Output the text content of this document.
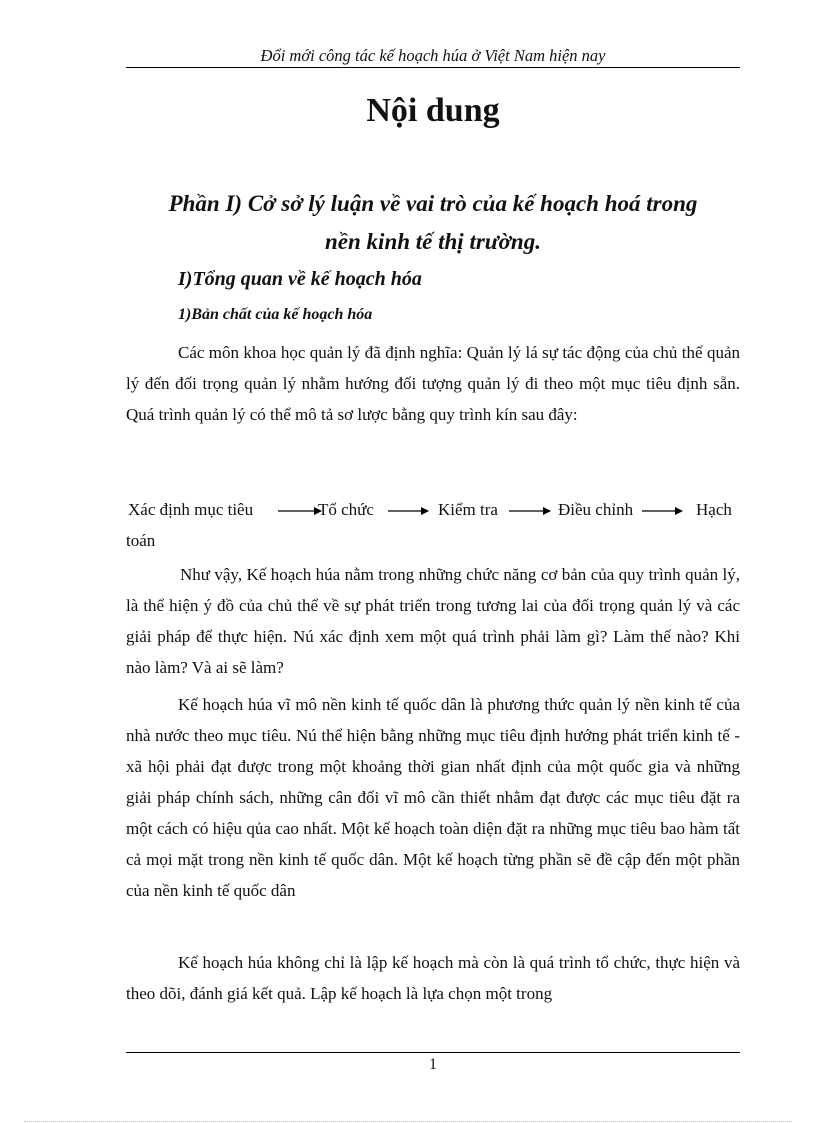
Đổi mới công tác kế hoạch húa ở Việt Nam hiện nay
Nội dung
Phần I) Cở sở lý luận về vai trò của kế hoạch hoá trong
nền kinh tế thị trường.
I)Tổng quan về kế hoạch hóa
1)Bản chất của kế hoạch hóa

Các môn khoa học quản lý đã định nghĩa: Quản lý lá sự tác động của chủ thể quản lý đến đối trọng quản lý nhằm hướng đối tượng quản lý đi theo một mục tiêu định sẵn. Quá trình quản lý có thể mô tả sơ lược bằng quy trình kín sau đây:

Xác định mục tiêu	Tổ chức	Kiểm tra	Điều chỉnh	Hạch
toán

Như vậy, Kế hoạch húa nằm trong những chức năng cơ bản của quy trình quản lý, là thể hiện ý đồ của chủ thể về sự phát triển trong tương lai của đối trọng quản lý và các giải pháp để thực hiện. Nú xác định xem một quá trình phải làm gì? Làm thế nào? Khi nào làm? Và ai sẽ làm?

Kế hoạch húa vĩ mô nền kinh tế quốc dân là phương thức quản lý nền kinh tế của nhà nước theo mục tiêu. Nú thể hiện bằng những mục tiêu định hướng phát triển kinh tế - xã hội phải đạt được trong một khoảng thời gian nhất định của một quốc gia và những giải pháp chính sách, những cân đối vĩ mô cần thiết nhằm đạt được các mục tiêu đặt ra một cách có hiệu qủa cao nhất. Một kế hoạch toàn diện đặt ra những mục tiêu bao hàm tất cả mọi mặt trong nền kinh tế quốc dân. Một kế hoạch từng phần sẽ đề cập đến một phần của nền kinh tế quốc dân

Kế hoạch húa không chỉ là lập kế hoạch mà còn là quá trình tổ chức, thực hiện và theo dõi, đánh giá kết quả. Lập kế hoạch là lựa chọn một trong

1
